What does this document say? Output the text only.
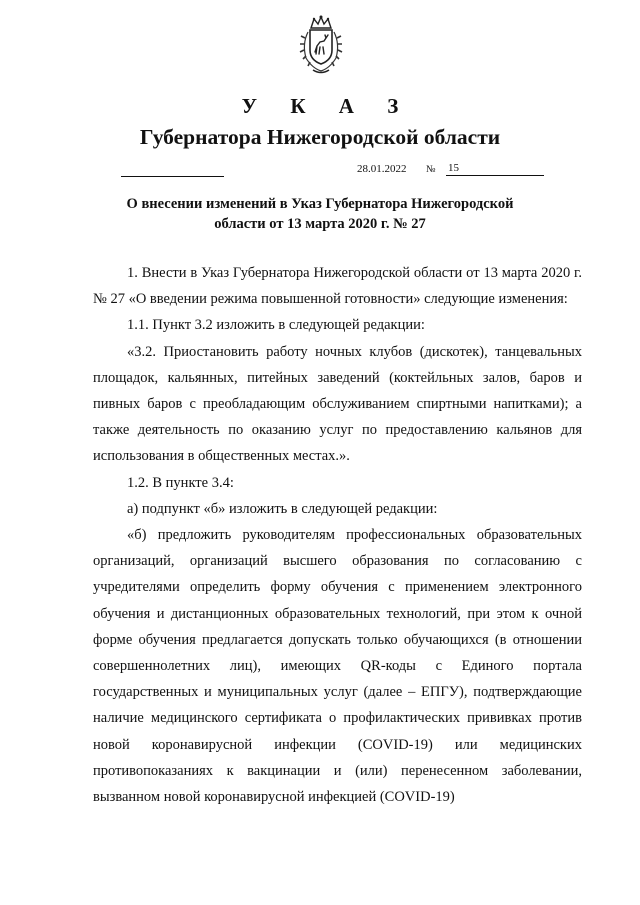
У К А З
Губернатора Нижегородской области
28.01.2022 № 15
О внесении изменений в Указ Губернатора Нижегородской
области от 13 марта 2020 г. № 27

1. Внести в Указ Губернатора Нижегородской области от 13 марта 2020 г. № 27 «О введении режима повышенной готовности» следующие изменения:

1.1. Пункт 3.2 изложить в следующей редакции:

«3.2. Приостановить работу ночных клубов (дискотек), танцевальных площадок, кальянных, питейных заведений (коктейльных залов, баров и пивных баров с преобладающим обслуживанием спиртными напитками); а также деятельность по оказанию услуг по предоставлению кальянов для использования в общественных местах.».

1.2. В пункте 3.4:

а) подпункт «б» изложить в следующей редакции:

«б) предложить руководителям профессиональных образовательных организаций, организаций высшего образования по согласованию с учредителями определить форму обучения с применением электронного обучения и дистанционных образовательных технологий, при этом к очной форме обучения предлагается допускать только обучающихся (в отношении совершеннолетних лиц), имеющих QR-коды с Единого портала государственных и муниципальных услуг (далее – ЕПГУ), подтверждающие наличие медицинского сертификата о профилактических прививках против новой коронавирусной инфекции (COVID-19) или медицинских противопоказаниях к вакцинации и (или) перенесенном заболевании, вызванном новой коронавирусной инфекцией (COVID-19)
